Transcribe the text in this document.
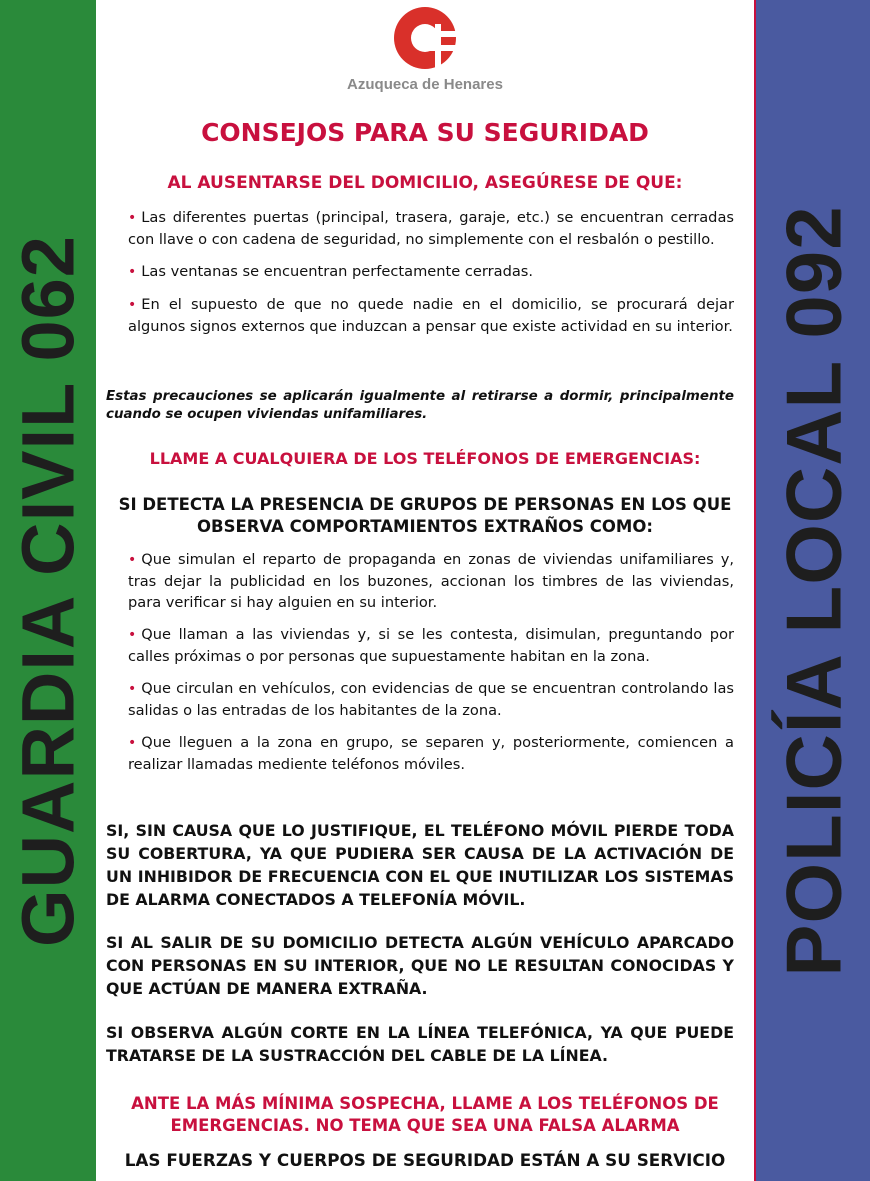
GUARDIA CIVIL 062	POLICÍA LOCAL 092
Azuqueca de Henares
CONSEJOS PARA SU SEGURIDAD
AL AUSENTARSE DEL DOMICILIO, ASEGÚRESE DE QUE:
• Las diferentes puertas (principal, trasera, garaje, etc.) se encuentran cerradas con llave o con cadena de seguridad, no simplemente con el resbalón o pestillo.
• Las ventanas se encuentran perfectamente cerradas.
• En el supuesto de que no quede nadie en el domicilio, se procurará dejar algunos signos externos que induzcan a pensar que existe actividad en su interior.
Estas precauciones se aplicarán igualmente al retirarse a dormir, principalmente cuando se ocupen viviendas unifamiliares.
LLAME A CUALQUIERA DE LOS TELÉFONOS DE EMERGENCIAS:
SI DETECTA LA PRESENCIA DE GRUPOS DE PERSONAS EN LOS QUE OBSERVA COMPORTAMIENTOS EXTRAÑOS COMO:
• Que simulan el reparto de propaganda en zonas de viviendas unifamiliares y, tras dejar la publicidad en los buzones, accionan los timbres de las viviendas, para verificar si hay alguien en su interior.
• Que llaman a las viviendas y, si se les contesta, disimulan, preguntando por calles próximas o por personas que supuestamente habitan en la zona.
• Que circulan en vehículos, con evidencias de que se encuentran controlando las salidas o las entradas de los habitantes de la zona.
• Que lleguen a la zona en grupo, se separen y, posteriormente, comiencen a realizar llamadas mediente teléfonos móviles.
SI, SIN CAUSA QUE LO JUSTIFIQUE, EL TELÉFONO MÓVIL PIERDE TODA SU COBERTURA, YA QUE PUDIERA SER CAUSA DE LA ACTIVACIÓN DE UN INHIBIDOR DE FRECUENCIA CON EL QUE INUTILIZAR LOS SISTEMAS DE ALARMA CONECTADOS A TELEFONÍA MÓVIL.
SI AL SALIR DE SU DOMICILIO DETECTA ALGÚN VEHÍCULO APARCADO CON PERSONAS EN SU INTERIOR, QUE NO LE RESULTAN CONOCIDAS Y QUE ACTÚAN DE MANERA EXTRAÑA.
SI OBSERVA ALGÚN CORTE EN LA LÍNEA TELEFÓNICA, YA QUE PUEDE TRATARSE DE LA SUSTRACCIÓN DEL CABLE DE LA LÍNEA.
ANTE LA MÁS MÍNIMA SOSPECHA, LLAME A LOS TELÉFONOS DE EMERGENCIAS. NO TEMA QUE SEA UNA FALSA ALARMA
LAS FUERZAS Y CUERPOS DE SEGURIDAD ESTÁN A SU SERVICIO
